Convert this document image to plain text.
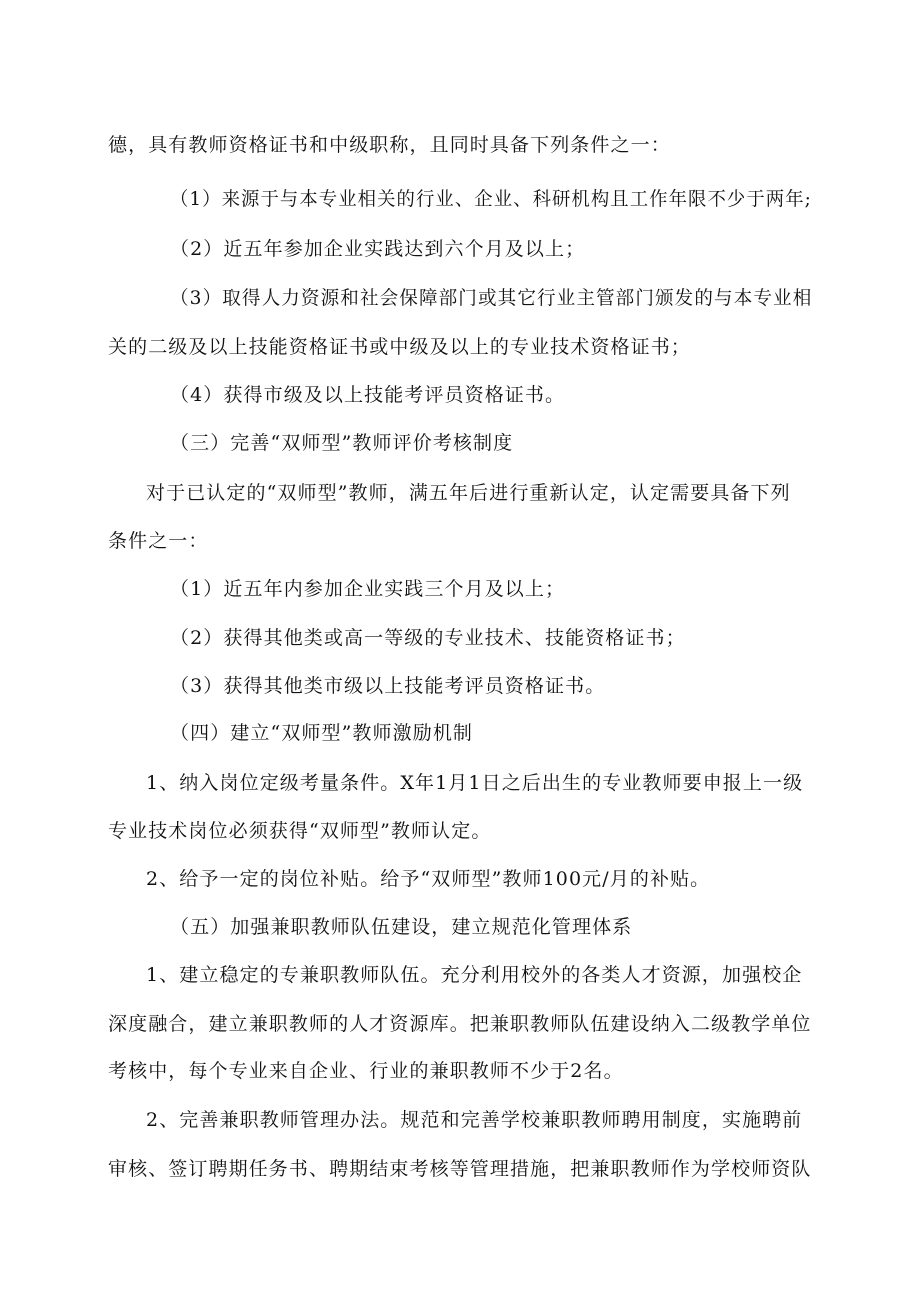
德，具有教师资格证书和中级职称，且同时具备下列条件之一：
（1）来源于与本专业相关的行业、企业、科研机构且工作年限不少于两年;
（2）近五年参加企业实践达到六个月及以上；
（3）取得人力资源和社会保障部门或其它行业主管部门颁发的与本专业相
关的二级及以上技能资格证书或中级及以上的专业技术资格证书；
（4）获得市级及以上技能考评员资格证书。
（三）完善“双师型”教师评价考核制度
对于已认定的“双师型”教师，满五年后进行重新认定，认定需要具备下列
条件之一：
（1）近五年内参加企业实践三个月及以上；
（2）获得其他类或高一等级的专业技术、技能资格证书；
（3）获得其他类市级以上技能考评员资格证书。
（四）建立“双师型”教师激励机制
1、纳入岗位定级考量条件。X年1月1日之后出生的专业教师要申报上一级
专业技术岗位必须获得“双师型”教师认定。
2、给予一定的岗位补贴。给予“双师型”教师100元/月的补贴。
（五）加强兼职教师队伍建设，建立规范化管理体系
1、建立稳定的专兼职教师队伍。充分利用校外的各类人才资源，加强校企
深度融合，建立兼职教师的人才资源库。把兼职教师队伍建设纳入二级教学单位
考核中，每个专业来自企业、行业的兼职教师不少于2名。
2、完善兼职教师管理办法。规范和完善学校兼职教师聘用制度，实施聘前
审核、签订聘期任务书、聘期结束考核等管理措施，把兼职教师作为学校师资队
